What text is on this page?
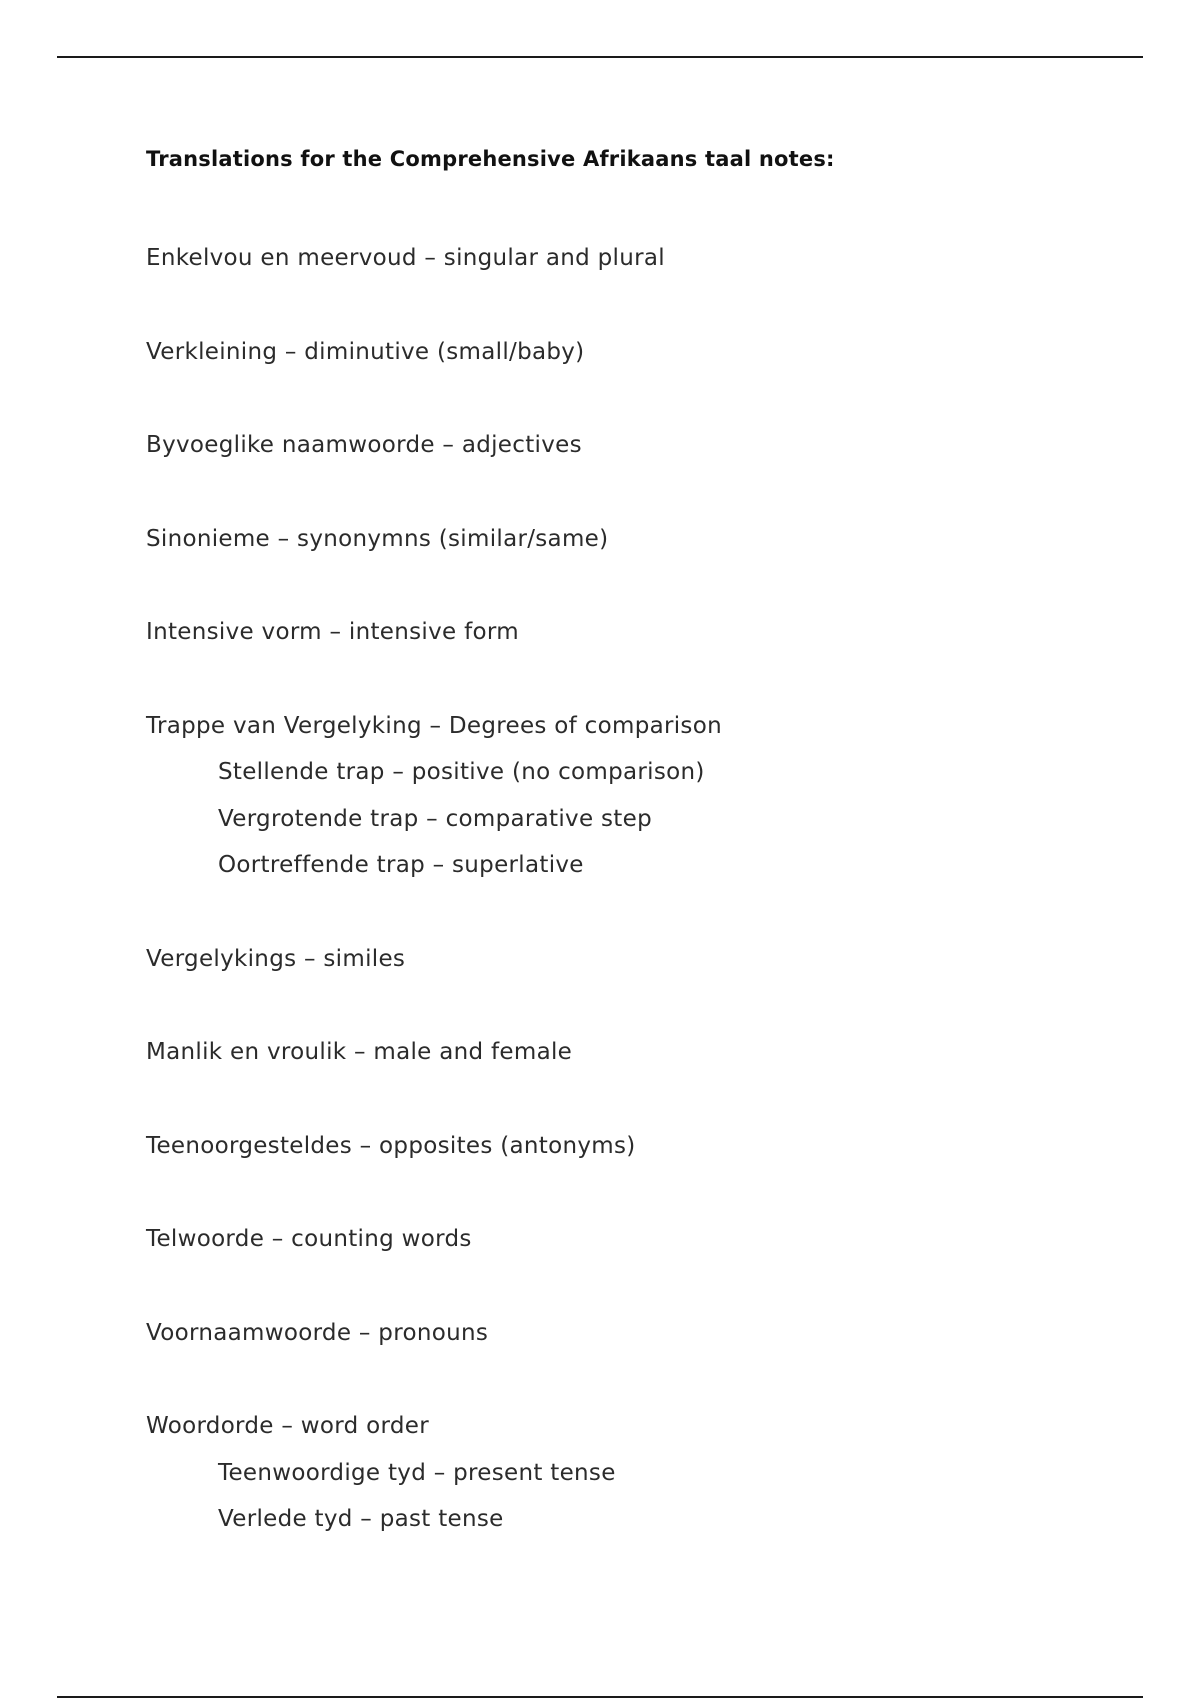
Translations for the Comprehensive Afrikaans taal notes:
Enkelvou en meervoud – singular and plural
Verkleining – diminutive (small/baby)
Byvoeglike naamwoorde – adjectives
Sinonieme – synonymns (similar/same)
Intensive vorm – intensive form
Trappe van Vergelyking – Degrees of comparison
Stellende trap – positive (no comparison)
Vergrotende trap – comparative step
Oortreffende trap – superlative
Vergelykings – similes
Manlik en vroulik – male and female
Teenoorgesteldes – opposites (antonyms)
Telwoorde – counting words
Voornaamwoorde – pronouns
Woordorde – word order
Teenwoordige tyd – present tense
Verlede tyd – past tense
